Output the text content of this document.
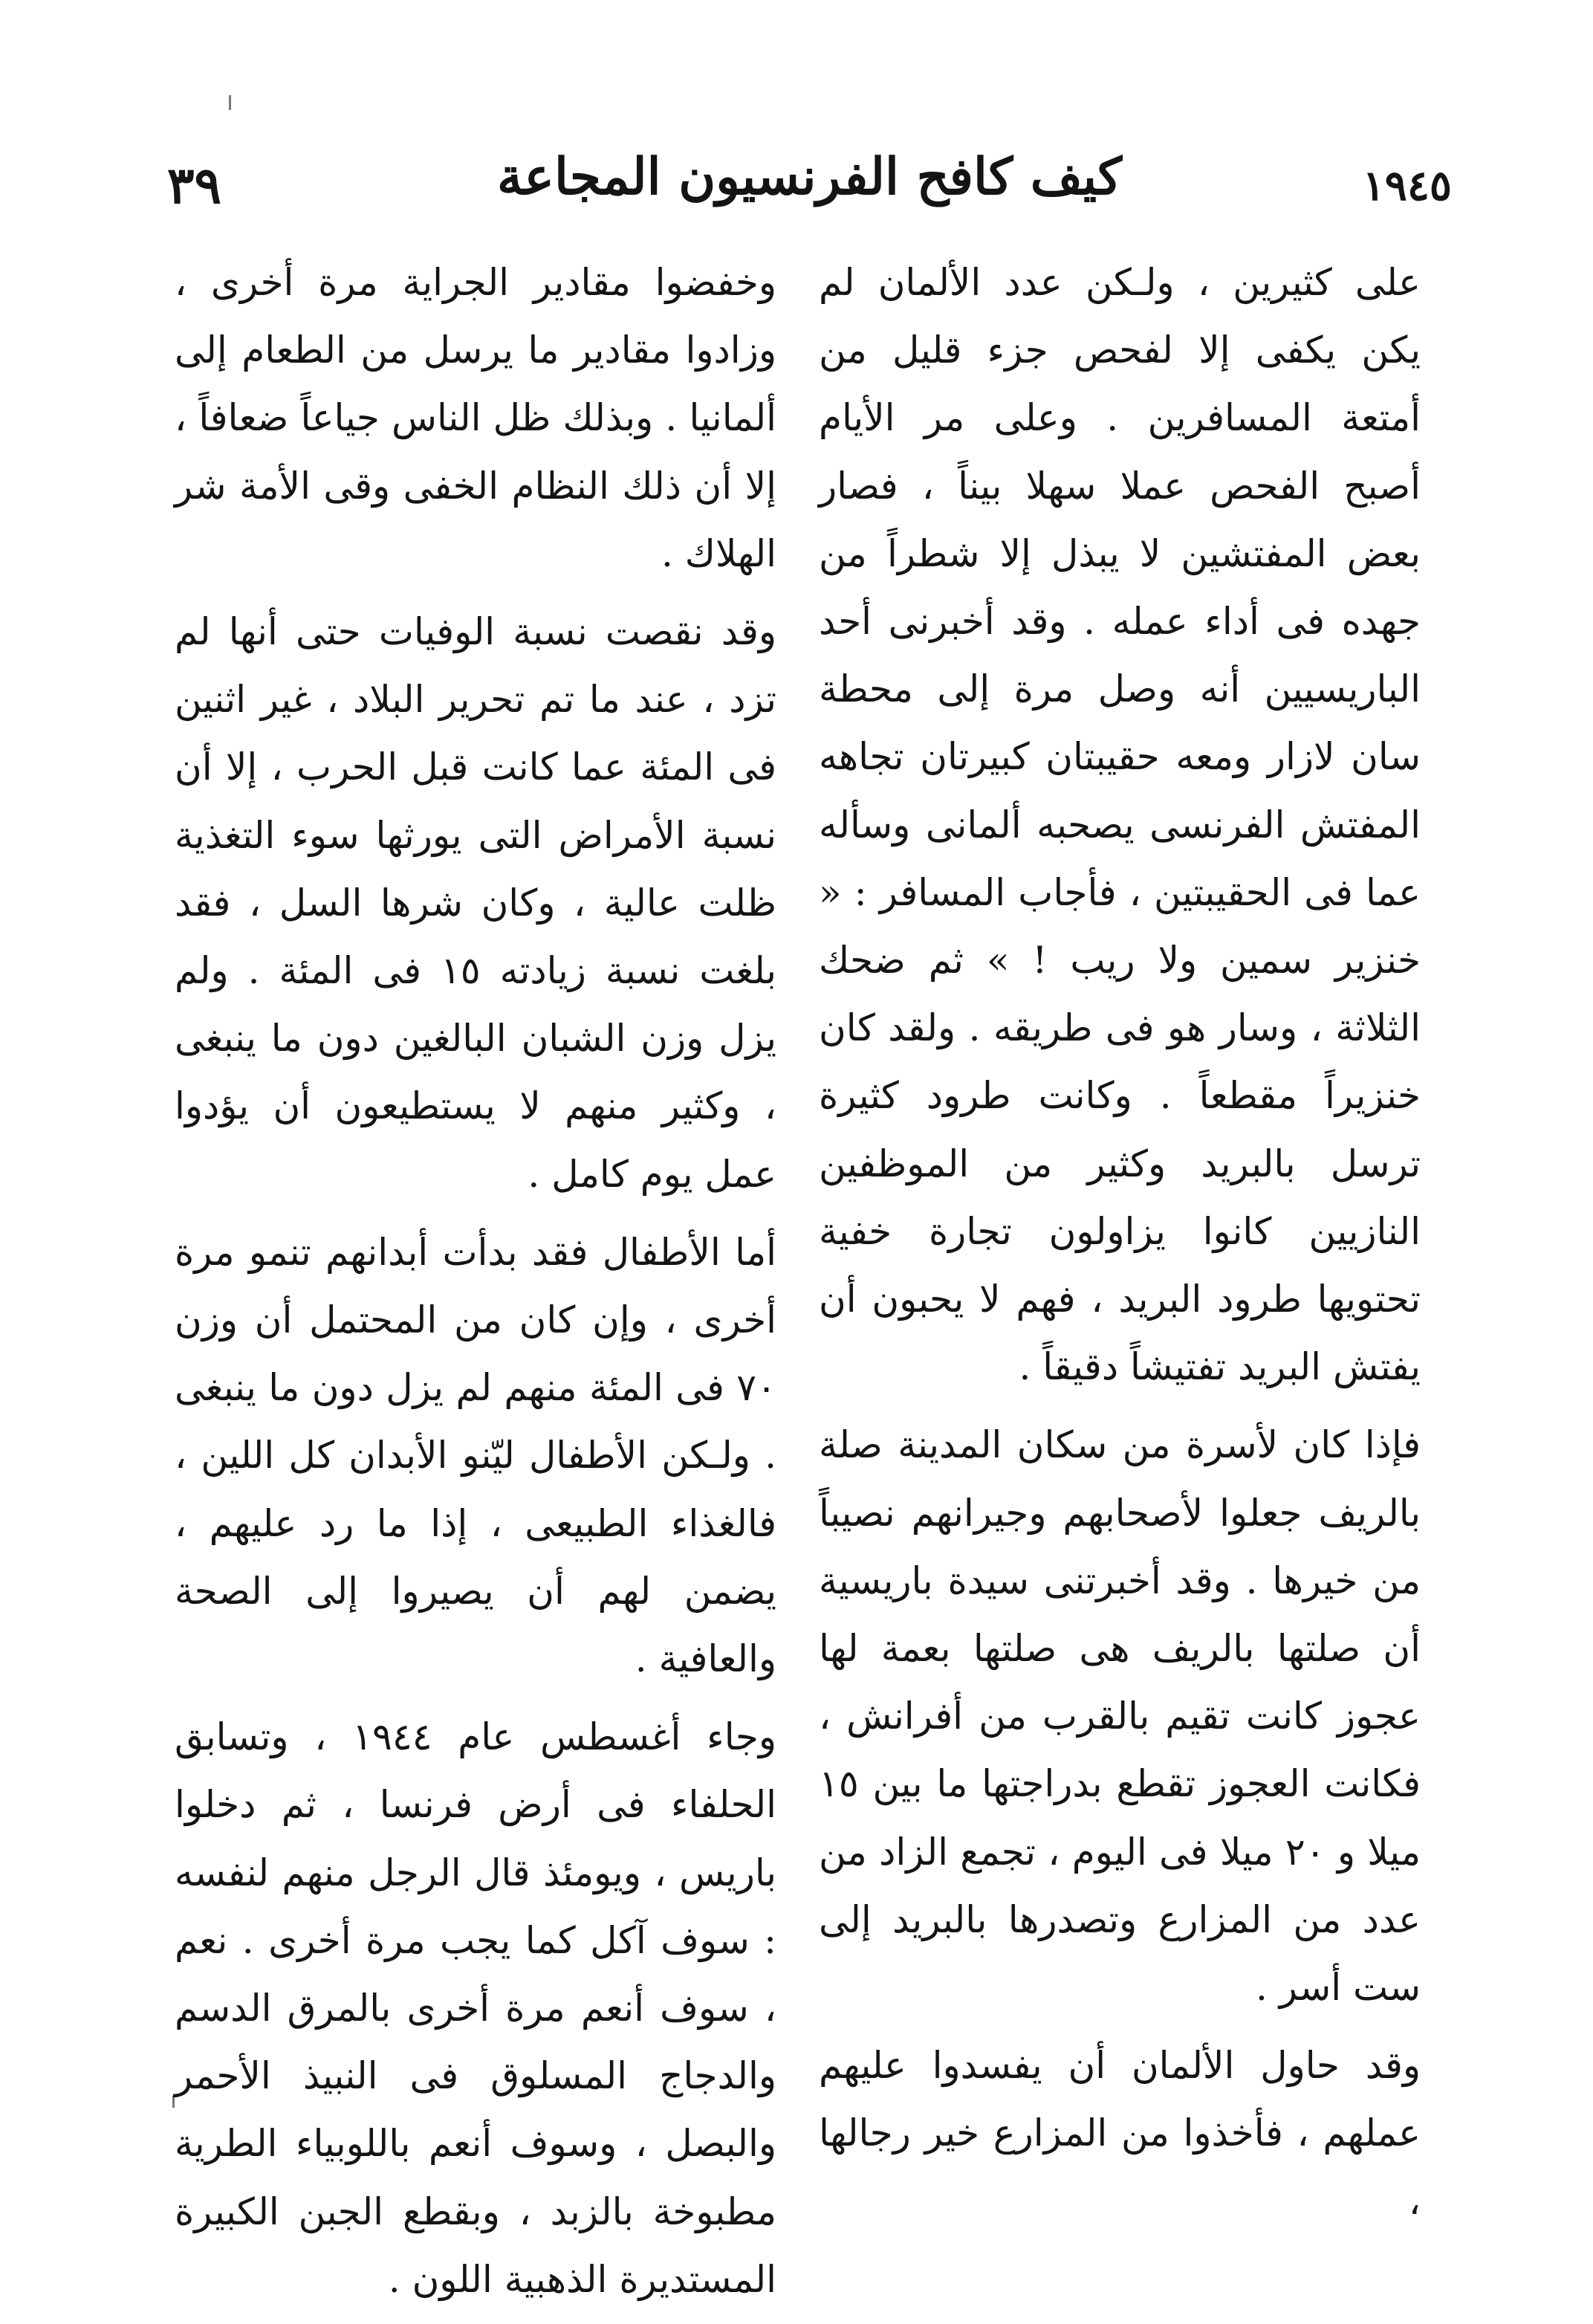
١٩٤٥
كيف كافح الفرنسيون المجاعة
٣٩

على كثيرين ، ولـكن عدد الألمان لم يكن يكفى إلا لفحص جزء قليل من أمتعة المسافرين . وعلى مر الأيام أصبح الفحص عملا سهلا بيناً ، فصار بعض المفتشين لا يبذل إلا شطراً من جهده فى أداء عمله . وقد أخبرنى أحد الباريسيين أنه وصل مرة إلى محطة سان لازار ومعه حقيبتان كبيرتان تجاهه المفتش الفرنسى يصحبه ألمانى وسأله عما فى الحقيبتين ، فأجاب المسافر : « خنزير سمين ولا ريب ! » ثم ضحك الثلاثة ، وسار هو فى طريقه . ولقد كان خنزيراً مقطعاً . وكانت طرود كثيرة ترسل بالبريد وكثير من الموظفين النازيين كانوا يزاولون تجارة خفية تحتويها طرود البريد ، فهم لا يحبون أن يفتش البريد تفتيشاً دقيقاً .

فإذا كان لأسرة من سكان المدينة صلة بالريف جعلوا لأصحابهم وجيرانهم نصيباً من خيرها . وقد أخبرتنى سيدة باريسية أن صلتها بالريف هى صلتها بعمة لها عجوز كانت تقيم بالقرب من أفرانش ، فكانت العجوز تقطع بدراجتها ما بين ١٥ ميلا و ٢٠ ميلا فى اليوم ، تجمع الزاد من عدد من المزارع وتصدرها بالبريد إلى ست أسر .

وقد حاول الألمان أن يفسدوا عليهم عملهم ، فأخذوا من المزارع خير رجالها ،

وخفضوا مقادير الجراية مرة أخرى ، وزادوا مقادير ما يرسل من الطعام إلى ألمانيا . وبذلك ظل الناس جياعاً ضعافاً ، إلا أن ذلك النظام الخفى وقى الأمة شر الهلاك .

وقد نقصت نسبة الوفيات حتى أنها لم تزد ، عند ما تم تحرير البلاد ، غير اثنين فى المئة عما كانت قبل الحرب ، إلا أن نسبة الأمراض التى يورثها سوء التغذية ظلت عالية ، وكان شرها السل ، فقد بلغت نسبة زيادته ١٥ فى المئة . ولم يزل وزن الشبان البالغين دون ما ينبغى ، وكثير منهم لا يستطيعون أن يؤدوا عمل يوم كامل .

أما الأطفال فقد بدأت أبدانهم تنمو مرة أخرى ، وإن كان من المحتمل أن وزن ٧٠ فى المئة منهم لم يزل دون ما ينبغى . ولـكن الأطفال ليّنو الأبدان كل اللين ، فالغذاء الطبيعى ، إذا ما رد عليهم ، يضمن لهم أن يصيروا إلى الصحة والعافية .

وجاء أغسطس عام ١٩٤٤ ، وتسابق الحلفاء فى أرض فرنسا ، ثم دخلوا باريس ، ويومئذ قال الرجل منهم لنفسه : سوف آكل كما يجب مرة أخرى . نعم ، سوف أنعم مرة أخرى بالمرق الدسم والدجاج المسلوق فى النبيذ الأحمر والبصل ، وسوف أنعم باللوبياء الطرية مطبوخة بالزبد ، وبقطع الجبن الكبيرة المستديرة الذهبية اللون .
